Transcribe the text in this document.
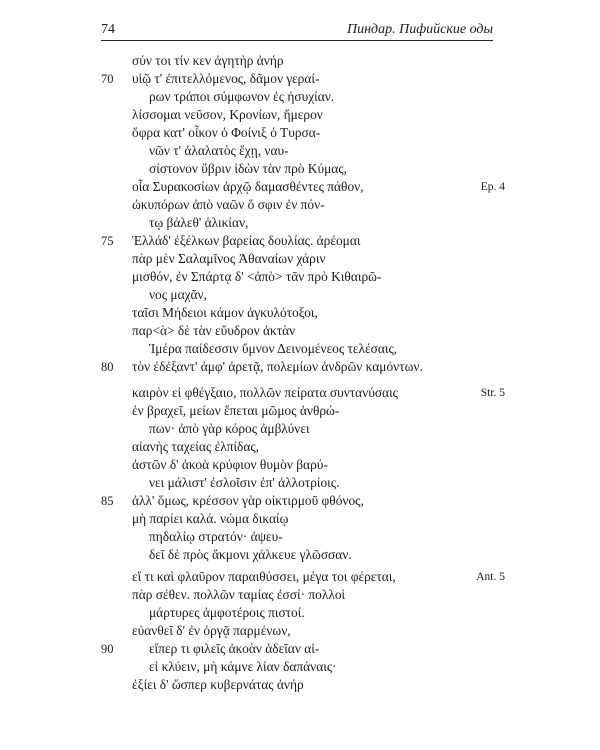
74	Пиндар. Пифийские оды
σύν τοι τίν κεν ἀγητὴρ ἀνήρ
70 υἱῷ τ' ἐπιτελλόμενος, δᾶμον γεραί-
ρων τράποι σύμφωνον ἐς ἡσυχίαν.
λίσσομαι νεῦσον, Κρονίων, ἥμερον
ὄφρα κατ' οἶκον ὁ Φοίνιξ ὁ Τυρσα-
νῶν τ' ἀλαλατὸς ἔχῃ, ναυ-
σίστονον ὕβριν ἰδὼν τὰν πρὸ Κύμας,
Ep. 4
οἷα Συρακοσίων ἀρχῷ δαμασθέντες πάθον,
ὠκυπόρων ἀπὸ ναῶν ὅ σφιν ἐν πόν-
τῳ βάλεθ' ἁλικίαν,
75 Ἑλλάδ' ἐξέλκων βαρείας δουλίας. ἀρέομαι
πὰρ μὲν Σαλαμῖνος Ἀθαναίων χάριν
μισθόν, ἐν Σπάρτᾳ δ' <ἀπὸ> τᾶν πρὸ Κιθαιρῶ-
νος μαχᾶν,
ταῖσι Μήδειοι κάμον ἀγκυλότοξοι,
παρ<ὰ> δὲ τὰν εὔυδρον ἀκτὰν
Ἱμέρα παίδεσσιν ὕμνον Δεινομένεος τελέσαις,
80 τὸν ἐδέξαντ' ἀμφ' ἀρετᾷ, πολεμίων ἀνδρῶν καμόντων.
Str. 5
καιρὸν εἰ φθέγξαιο, πολλῶν πείρατα συντανύσαις
ἐν βραχεῖ, μείων ἕπεται μῶμος ἀνθρώ-
πων· ἀπὸ γὰρ κόρος ἀμβλύνει
αἰανὴς ταχείας ἐλπίδας,
ἀστῶν δ' ἀκοὰ κρύφιον θυμὸν βαρύ-
νει μάλιστ' ἐσλοῖσιν ἐπ' ἀλλοτρίοις.
85 ἀλλ' ὅμως, κρέσσον γὰρ οἰκτιρμοῦ φθόνος,
μὴ παρίει καλά. νώμα δικαίῳ
πηδαλίῳ στρατόν· ἀψευ-
δεῖ δὲ πρὸς ἄκμονι χάλκευε γλῶσσαν.
Ant. 5
εἴ τι καὶ φλαῦρον παραιθύσσει, μέγα τοι φέρεται,
πὰρ σέθεν. πολλῶν ταμίας ἐσσί· πολλοὶ
μάρτυρες ἀμφοτέροις πιστοί.
εὐανθεῖ δ' ἐν ὀργᾷ παρμένων,
90	εἴπερ τι φιλεῖς ἀκοὰν ἁδεῖαν αἰ-
εἰ κλύειν, μὴ κάμνε λίαν δαπάναις·
ἐξίει δ' ὥσπερ κυβερνάτας ἀνήρ
